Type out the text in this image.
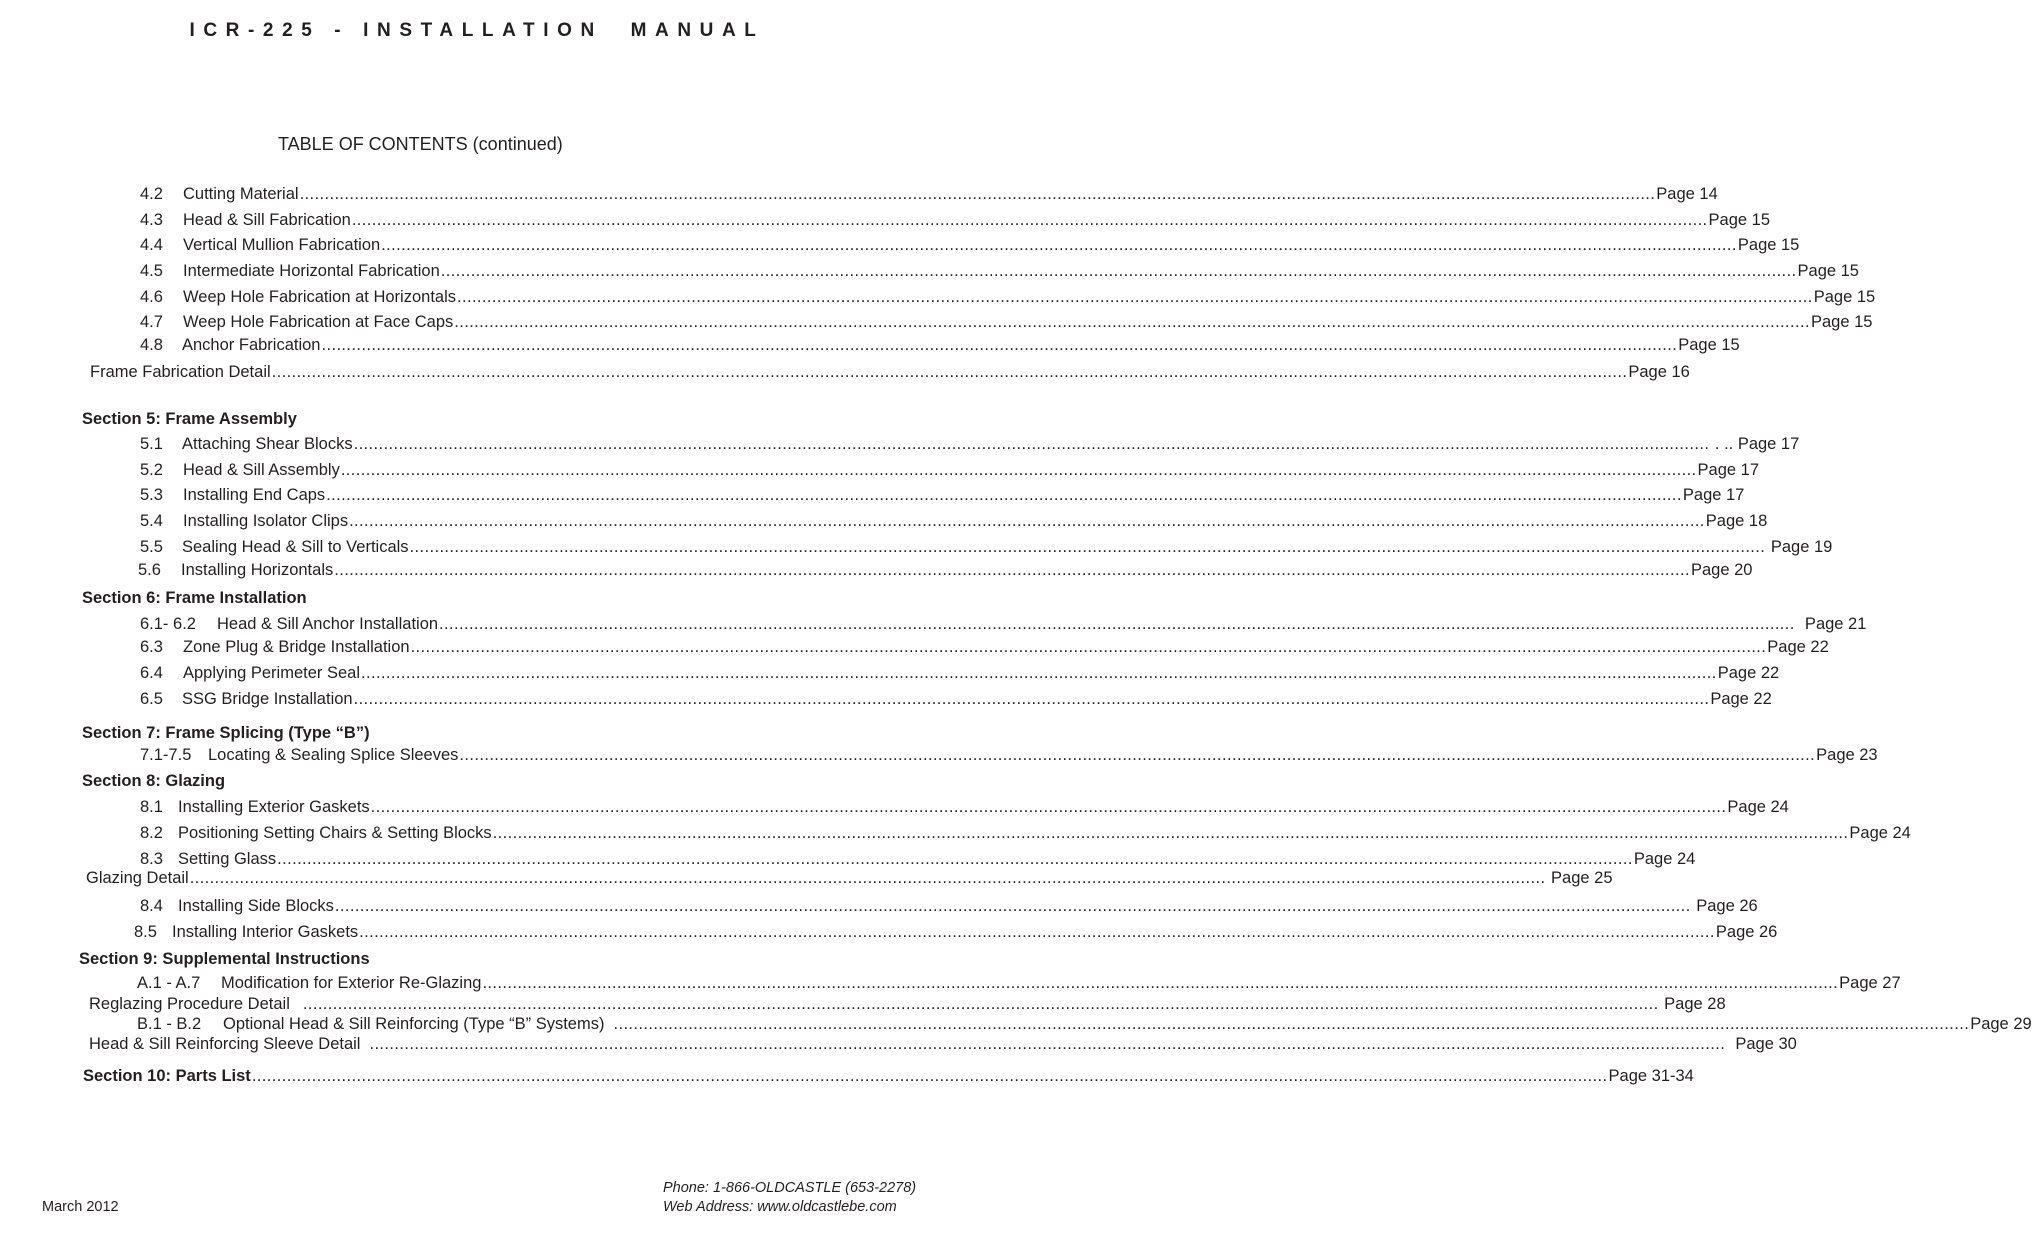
ICR-225 - INSTALLATION  MANUAL
TABLE OF CONTENTS (continued)
4.2	Cutting Material ................................................................................................................................................................................................................................................................................ Page 14
4.3	Head & Sill Fabrication ................................................................................................................................................................................................................................................................................ Page 15
4.4	Vertical Mullion Fabrication ................................................................................................................................................................................................................................................................................ Page 15
4.5	Intermediate Horizontal Fabrication ................................................................................................................................................................................................................................................................................ Page 15
4.6	Weep Hole Fabrication at Horizontals ................................................................................................................................................................................................................................................................................ Page 15
4.7	Weep Hole Fabrication at Face Caps ................................................................................................................................................................................................................................................................................ Page 15
4.8	Anchor Fabrication ................................................................................................................................................................................................................................................................................ Page 15
Frame Fabrication Detail ................................................................................................................................................................................................................................................................................ Page 16
Section 5: Frame Assembly
5.1	Attaching Shear Blocks ................................................................................................................................................................................................................................................................................ . .. Page 17
5.2	Head & Sill Assembly ................................................................................................................................................................................................................................................................................ Page 17
5.3	Installing End Caps ................................................................................................................................................................................................................................................................................ Page 17
5.4	Installing Isolator Clips ................................................................................................................................................................................................................................................................................ Page 18
5.5	Sealing Head & Sill to Verticals ................................................................................................................................................................................................................................................................................ Page 19
5.6	Installing Horizontals ................................................................................................................................................................................................................................................................................ Page 20
Section 6: Frame Installation
6.1- 6.2	Head & Sill Anchor Installation ................................................................................................................................................................................................................................................................................ Page 21
6.3	Zone Plug & Bridge Installation ................................................................................................................................................................................................................................................................................ Page 22
6.4	Applying Perimeter Seal ................................................................................................................................................................................................................................................................................ Page 22
6.5	SSG Bridge Installation ................................................................................................................................................................................................................................................................................ Page 22
Section 7: Frame Splicing (Type “B”)
7.1-7.5	Locating & Sealing Splice Sleeves ................................................................................................................................................................................................................................................................................ Page 23
Section 8: Glazing
8.1 Installing Exterior Gaskets ................................................................................................................................................................................................................................................................................ Page 24
8.2 Positioning Setting Chairs & Setting Blocks ................................................................................................................................................................................................................................................................................ Page 24
8.3 Setting Glass ................................................................................................................................................................................................................................................................................ Page 24
Glazing Detail ................................................................................................................................................................................................................................................................................ Page 25
8.4 Installing Side Blocks ................................................................................................................................................................................................................................................................................ Page 26
8.5 Installing Interior Gaskets ................................................................................................................................................................................................................................................................................ Page 26
Section 9: Supplemental Instructions
A.1 - A.7	Modification for Exterior Re-Glazing ................................................................................................................................................................................................................................................................................ Page 27
Reglazing Procedure Detail ................................................................................................................................................................................................................................................................................ Page 28
B.1 - B.2	Optional Head & Sill Reinforcing (Type “B” Systems) ................................................................................................................................................................................................................................................................................ Page 29
Head & Sill Reinforcing Sleeve Detail ................................................................................................................................................................................................................................................................................ Page 30
Section 10: Parts List ................................................................................................................................................................................................................................................................................ Page 31-34
March 2012
Phone: 1-866-OLDCASTLE (653-2278)
Web Address: www.oldcastlebe.com
